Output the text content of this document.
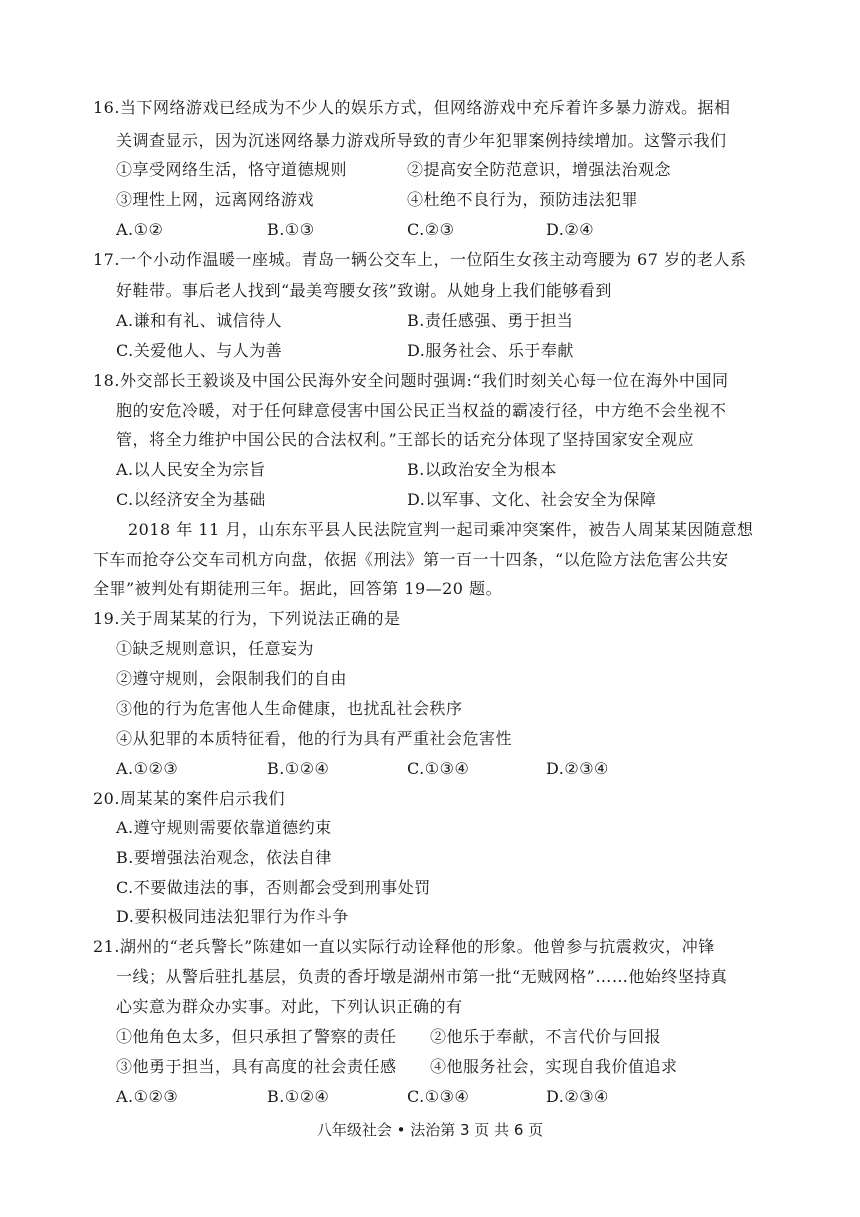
16.当下网络游戏已经成为不少人的娱乐方式，但网络游戏中充斥着许多暴力游戏。据相
关调查显示，因为沉迷网络暴力游戏所导致的青少年犯罪案例持续增加。这警示我们
①享受网络生活，恪守道德规则	②提高安全防范意识，增强法治观念
③理性上网，远离网络游戏	④杜绝不良行为，预防违法犯罪
A.①②	B.①③	C.②③	D.②④
17.一个小动作温暖一座城。青岛一辆公交车上，一位陌生女孩主动弯腰为 67 岁的老人系
好鞋带。事后老人找到“最美弯腰女孩”致谢。从她身上我们能够看到
A.谦和有礼、诚信待人	B.责任感强、勇于担当
C.关爱他人、与人为善	D.服务社会、乐于奉献
18.外交部长王毅谈及中国公民海外安全问题时强调:“我们时刻关心每一位在海外中国同
胞的安危冷暖，对于任何肆意侵害中国公民正当权益的霸凌行径，中方绝不会坐视不
管，将全力维护中国公民的合法权利。”王部长的话充分体现了坚持国家安全观应
A.以人民安全为宗旨	B.以政治安全为根本
C.以经济安全为基础	D.以军事、文化、社会安全为保障
2018 年 11 月，山东东平县人民法院宣判一起司乘冲突案件，被告人周某某因随意想
下车而抢夺公交车司机方向盘，依据《刑法》第一百一十四条，“以危险方法危害公共安
全罪”被判处有期徒刑三年。据此，回答第 19—20 题。
19.关于周某某的行为，下列说法正确的是
①缺乏规则意识，任意妄为
②遵守规则，会限制我们的自由
③他的行为危害他人生命健康，也扰乱社会秩序
④从犯罪的本质特征看，他的行为具有严重社会危害性
A.①②③	B.①②④	C.①③④	D.②③④
20.周某某的案件启示我们
A.遵守规则需要依靠道德约束
B.要增强法治观念，依法自律
C.不要做违法的事，否则都会受到刑事处罚
D.要积极同违法犯罪行为作斗争
21.湖州的“老兵警长”陈建如一直以实际行动诠释他的形象。他曾参与抗震救灾，冲锋
一线；从警后驻扎基层，负责的香圩墩是湖州市第一批“无贼网格”……他始终坚持真
心实意为群众办实事。对此，下列认识正确的有
①他角色太多，但只承担了警察的责任 ②他乐于奉献，不言代价与回报
③他勇于担当，具有高度的社会责任感 ④他服务社会，实现自我价值追求
A.①②③	B.①②④	C.①③④	D.②③④
八年级社会 • 法治第 3 页 共 6 页
